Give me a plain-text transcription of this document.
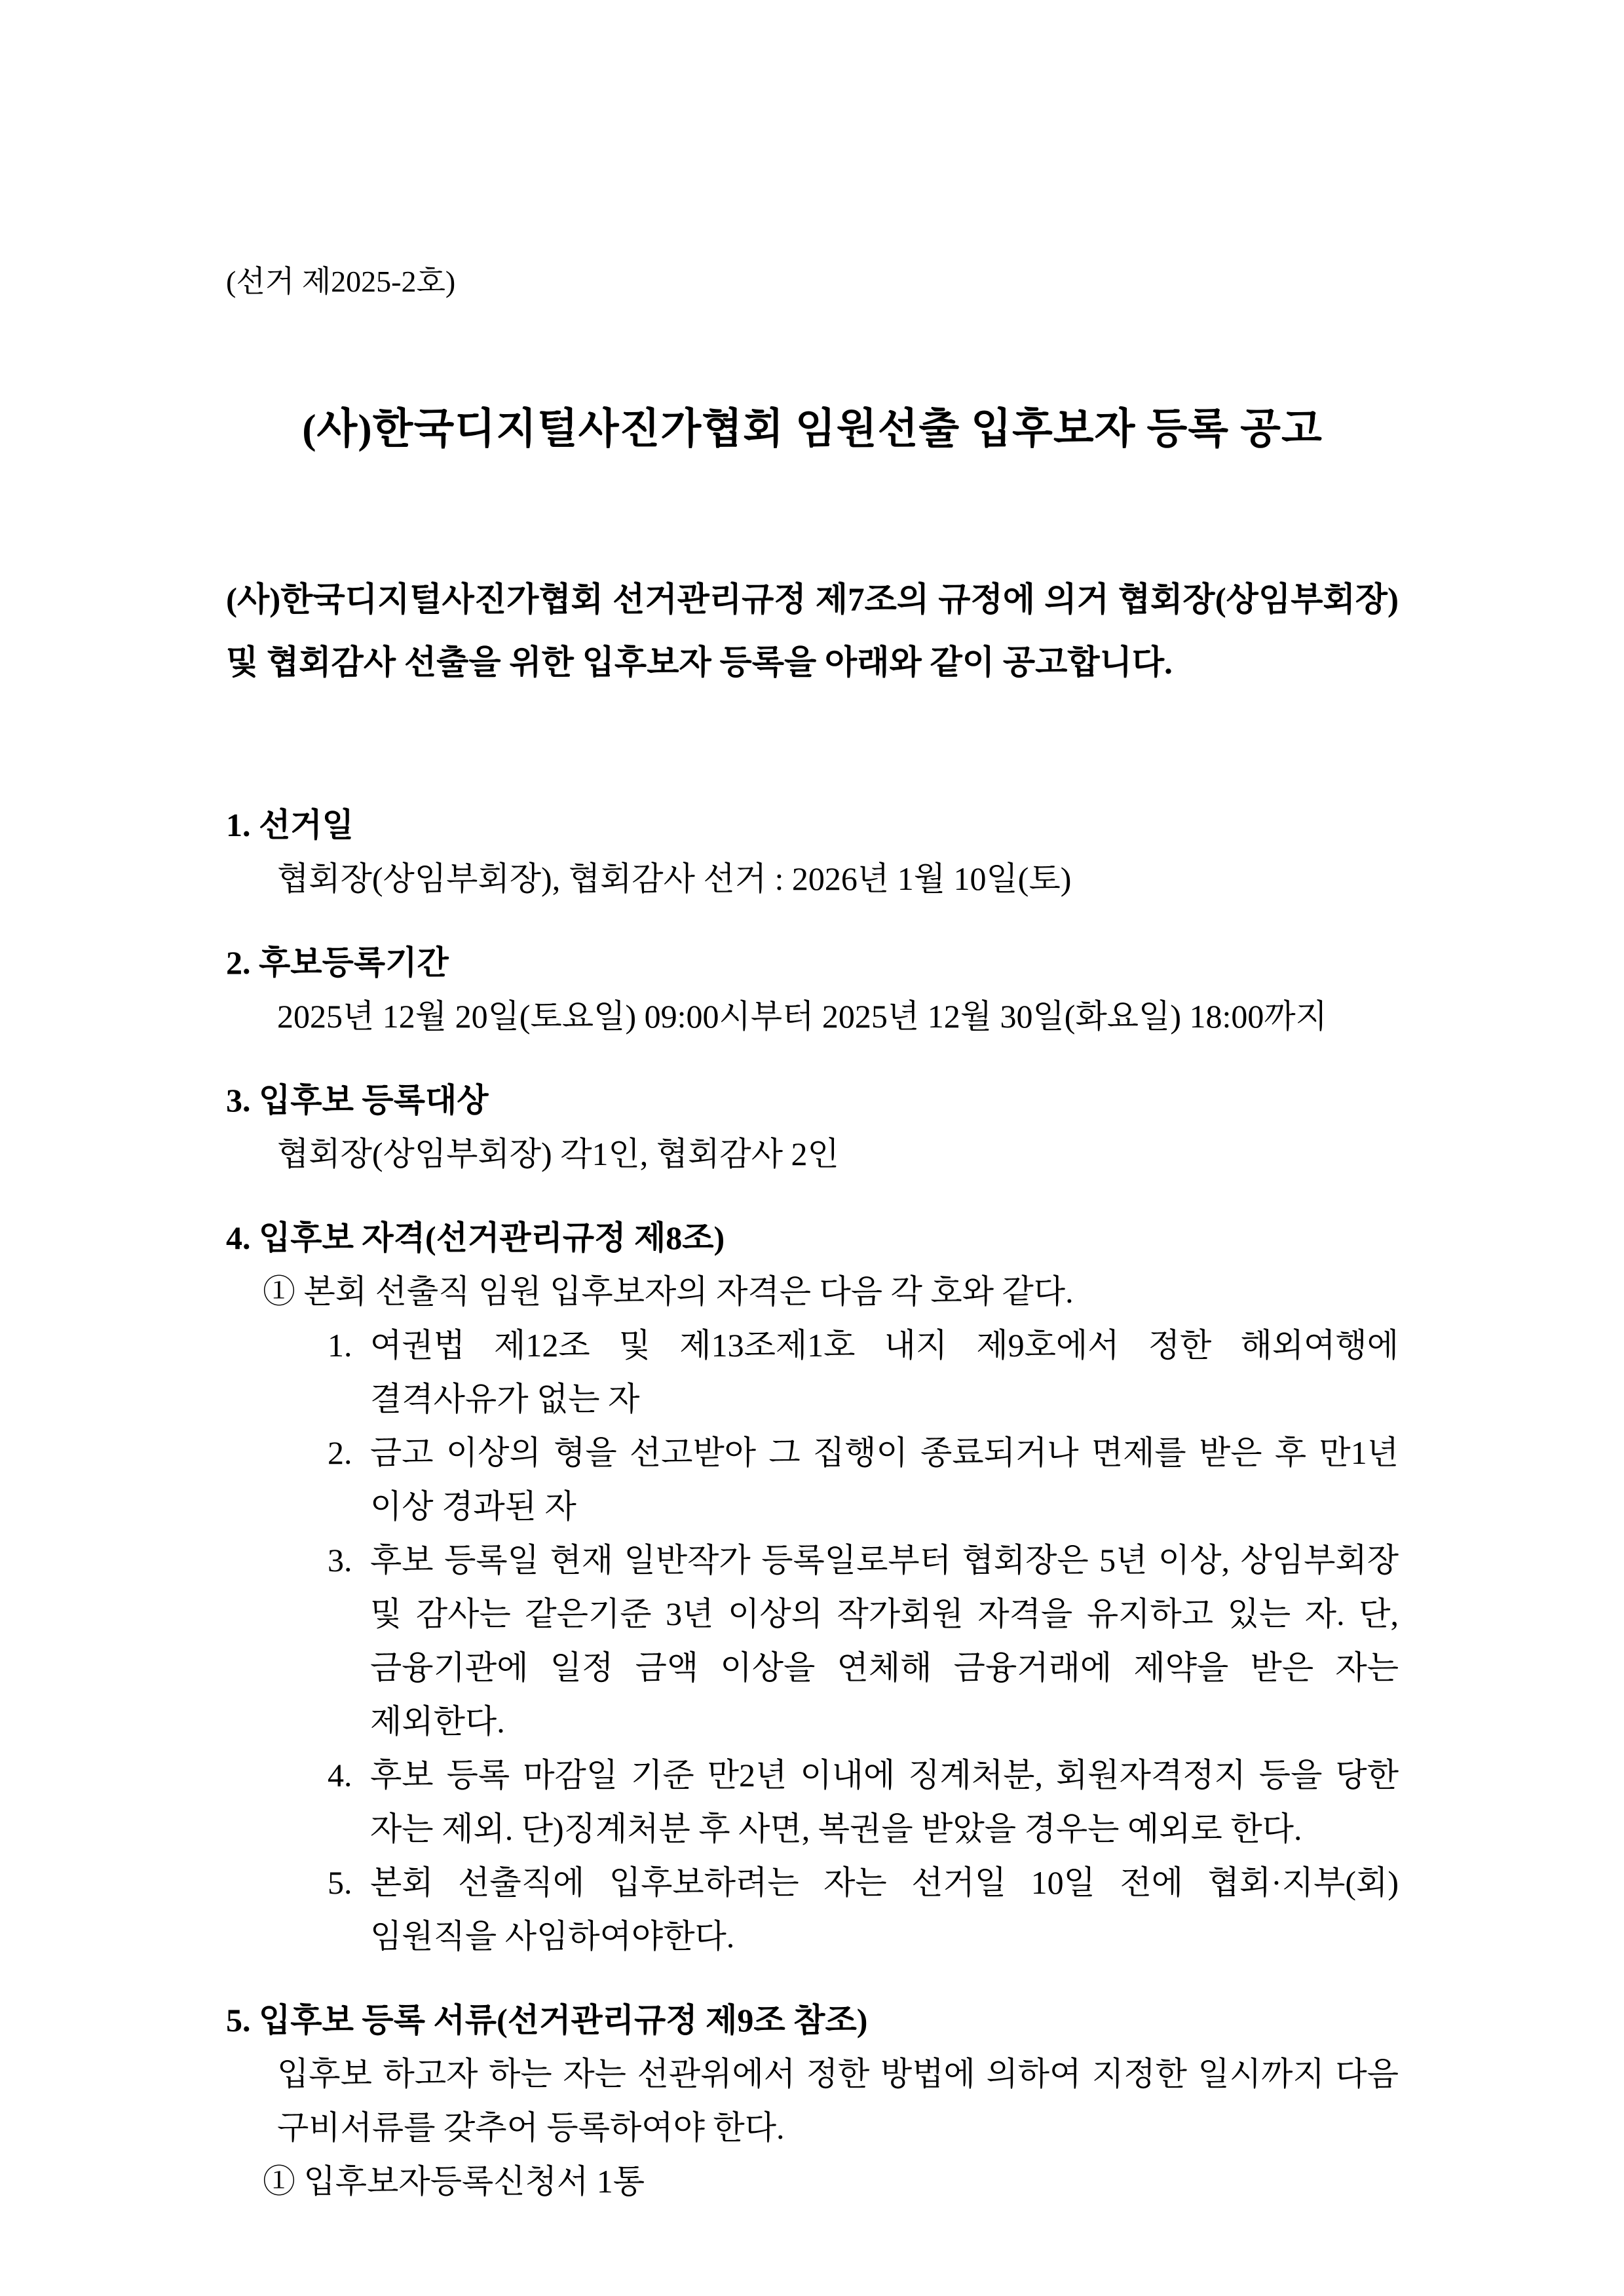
(선거 제2025-2호)
(사)한국디지털사진가협회 임원선출 입후보자 등록 공고
(사)한국디지털사진가협회 선거관리규정 제7조의 규정에 의거 협회장(상임부회장)및 협회감사 선출을 위한 입후보자 등록을 아래와 같이 공고합니다.
1. 선거일
협회장(상임부회장), 협회감사 선거 : 2026년 1월 10일(토)
2. 후보등록기간
2025년 12월 20일(토요일) 09:00시부터 2025년 12월 30일(화요일) 18:00까지
3. 입후보 등록대상
협회장(상임부회장) 각1인, 협회감사 2인
4. 입후보 자격(선거관리규정 제8조)
① 본회 선출직 임원 입후보자의 자격은 다음 각 호와 같다.
1. 여권법 제12조 및 제13조제1호 내지 제9호에서 정한 해외여행에 결격사유가 없는 자
2. 금고 이상의 형을 선고받아 그 집행이 종료되거나 면제를 받은 후 만1년 이상 경과된 자
3. 후보 등록일 현재 일반작가 등록일로부터 협회장은 5년 이상, 상임부회장 및 감사는 같은기준 3년 이상의 작가회원 자격을 유지하고 있는 자. 단, 금융기관에 일정 금액 이상을 연체해 금융거래에 제약을 받은 자는 제외한다.
4. 후보 등록 마감일 기준 만2년 이내에 징계처분, 회원자격정지 등을 당한 자는 제외. 단)징계처분 후 사면, 복권을 받았을 경우는 예외로 한다.
5. 본회 선출직에 입후보하려는 자는 선거일 10일 전에 협회·지부(회) 임원직을 사임하여야한다.
5. 입후보 등록 서류(선거관리규정 제9조 참조)
입후보 하고자 하는 자는 선관위에서 정한 방법에 의하여 지정한 일시까지 다음 구비서류를 갖추어 등록하여야 한다.
① 입후보자등록신청서 1통
